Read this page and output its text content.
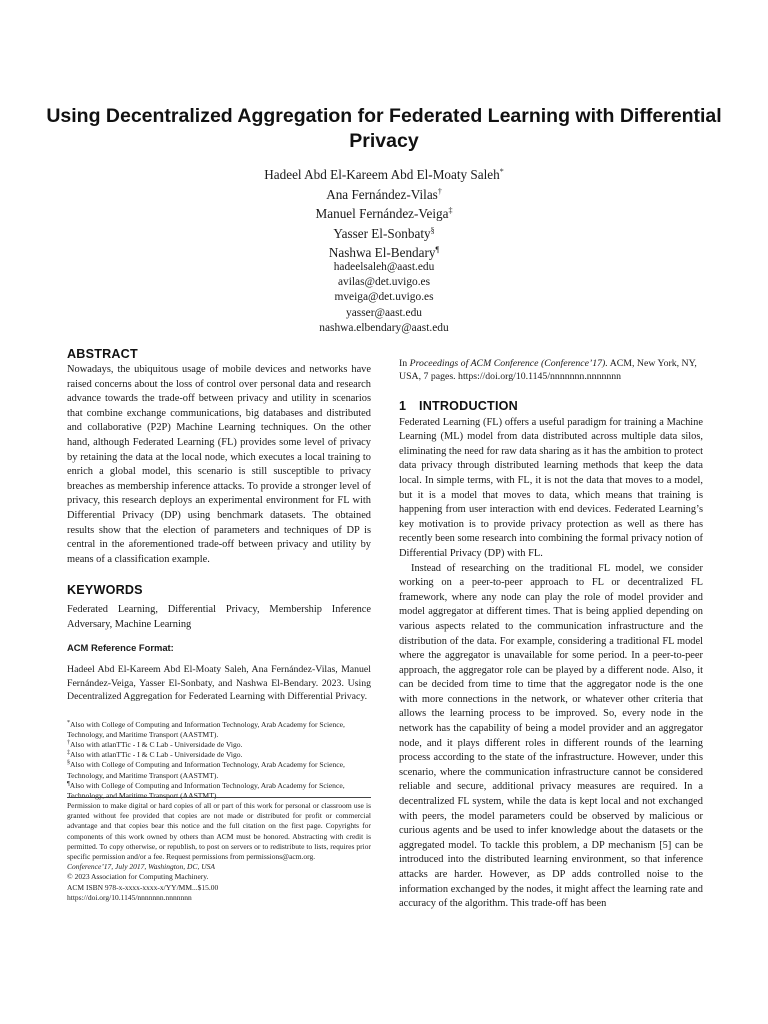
Using Decentralized Aggregation for Federated Learning with Differential Privacy
Hadeel Abd El-Kareem Abd El-Moaty Saleh*
Ana Fernández-Vilas†
Manuel Fernández-Veiga‡
Yasser El-Sonbaty§
Nashwa El-Bendary¶
hadeelsaleh@aast.edu
avilas@det.uvigo.es
mveiga@det.uvigo.es
yasser@aast.edu
nashwa.elbendary@aast.edu
ABSTRACT

Nowadays, the ubiquitous usage of mobile devices and networks have raised concerns about the loss of control over personal data and research advance towards the trade-off between privacy and utility in scenarios that combine exchange communications, big databases and distributed and collaborative (P2P) Machine Learning techniques. On the other hand, although Federated Learning (FL) provides some level of privacy by retaining the data at the local node, which executes a local training to enrich a global model, this scenario is still susceptible to privacy breaches as membership inference attacks. To provide a stronger level of privacy, this research deploys an experimental environment for FL with Differential Privacy (DP) using benchmark datasets. The obtained results show that the election of parameters and techniques of DP is central in the aforementioned trade-off between privacy and utility by means of a classification example.

KEYWORDS

Federated Learning, Differential Privacy, Membership Inference Adversary, Machine Learning

ACM Reference Format:

Hadeel Abd El-Kareem Abd El-Moaty Saleh, Ana Fernández-Vilas, Manuel Fernández-Veiga, Yasser El-Sonbaty, and Nashwa El-Bendary. 2023. Using Decentralized Aggregation for Federated Learning with Differential Privacy.

*Also with College of Computing and Information Technology, Arab Academy for Science, Technology, and Maritime Transport (AASTMT).

†Also with atlanTTic - I & C Lab - Universidade de Vigo.

‡Also with atlanTTic - I & C Lab - Universidade de Vigo.

§Also with College of Computing and Information Technology, Arab Academy for Science, Technology, and Maritime Transport (AASTMT).

¶Also with College of Computing and Information Technology, Arab Academy for Science, Technology, and Maritime Transport (AASTMT).

Permission to make digital or hard copies of all or part of this work for personal or classroom use is granted without fee provided that copies are not made or distributed for profit or commercial advantage and that copies bear this notice and the full citation on the first page. Copyrights for components of this work owned by others than ACM must be honored. Abstracting with credit is permitted. To copy otherwise, or republish, to post on servers or to redistribute to lists, requires prior specific permission and/or a fee. Request permissions from permissions@acm.org.

Conference’17, July 2017, Washington, DC, USA

© 2023 Association for Computing Machinery.

ACM ISBN 978-x-xxxx-xxxx-x/YY/MM...$15.00

https://doi.org/10.1145/nnnnnnn.nnnnnnn

In Proceedings of ACM Conference (Conference’17). ACM, New York, NY, USA, 7 pages. https://doi.org/10.1145/nnnnnnn.nnnnnnn

1 INTRODUCTION

Federated Learning (FL) offers a useful paradigm for training a Machine Learning (ML) model from data distributed across multiple data silos, eliminating the need for raw data sharing as it has the ambition to protect data privacy through distributed learning methods that keep the data local. In simple terms, with FL, it is not the data that moves to a model, but it is a model that moves to data, which means that training is happening from user interaction with end devices. Federated Learning’s key motivation is to provide privacy protection as well as there has recently been some research into combining the formal privacy notion of Differential Privacy (DP) with FL.

Instead of researching on the traditional FL model, we consider working on a peer-to-peer approach to FL or decentralized FL framework, where any node can play the role of model provider and model aggregator at different times. That is being applied depending on various aspects related to the communication infrastructure and the distribution of the data. For example, considering a traditional FL model where the aggregator is unavailable for some period. In a peer-to-peer approach, the aggregator role can be played by a different node. Also, it can be decided from time to time that the aggregator node is the one with more connections in the network, or whatever other criteria that allows the learning process to be improved. So, every node in the network has the capability of being a model provider and an aggregator node, and it plays different roles in different rounds of the learning process according to the state of the infrastructure. However, under this scenario, where the communication infrastructure cannot be considered reliable and secure, additional privacy measures are required. In a decentralized FL system, while the data is kept local and not exchanged with peers, the model parameters could be observed by malicious or curious agents and be used to infer knowledge about the datasets or the aggregated model. To tackle this problem, a DP mechanism [5] can be introduced into the distributed learning environment, so that inference attacks are harder. However, as DP adds controlled noise to the information exchanged by the nodes, it might affect the learning rate and accuracy of the algorithm. This trade-off has been
